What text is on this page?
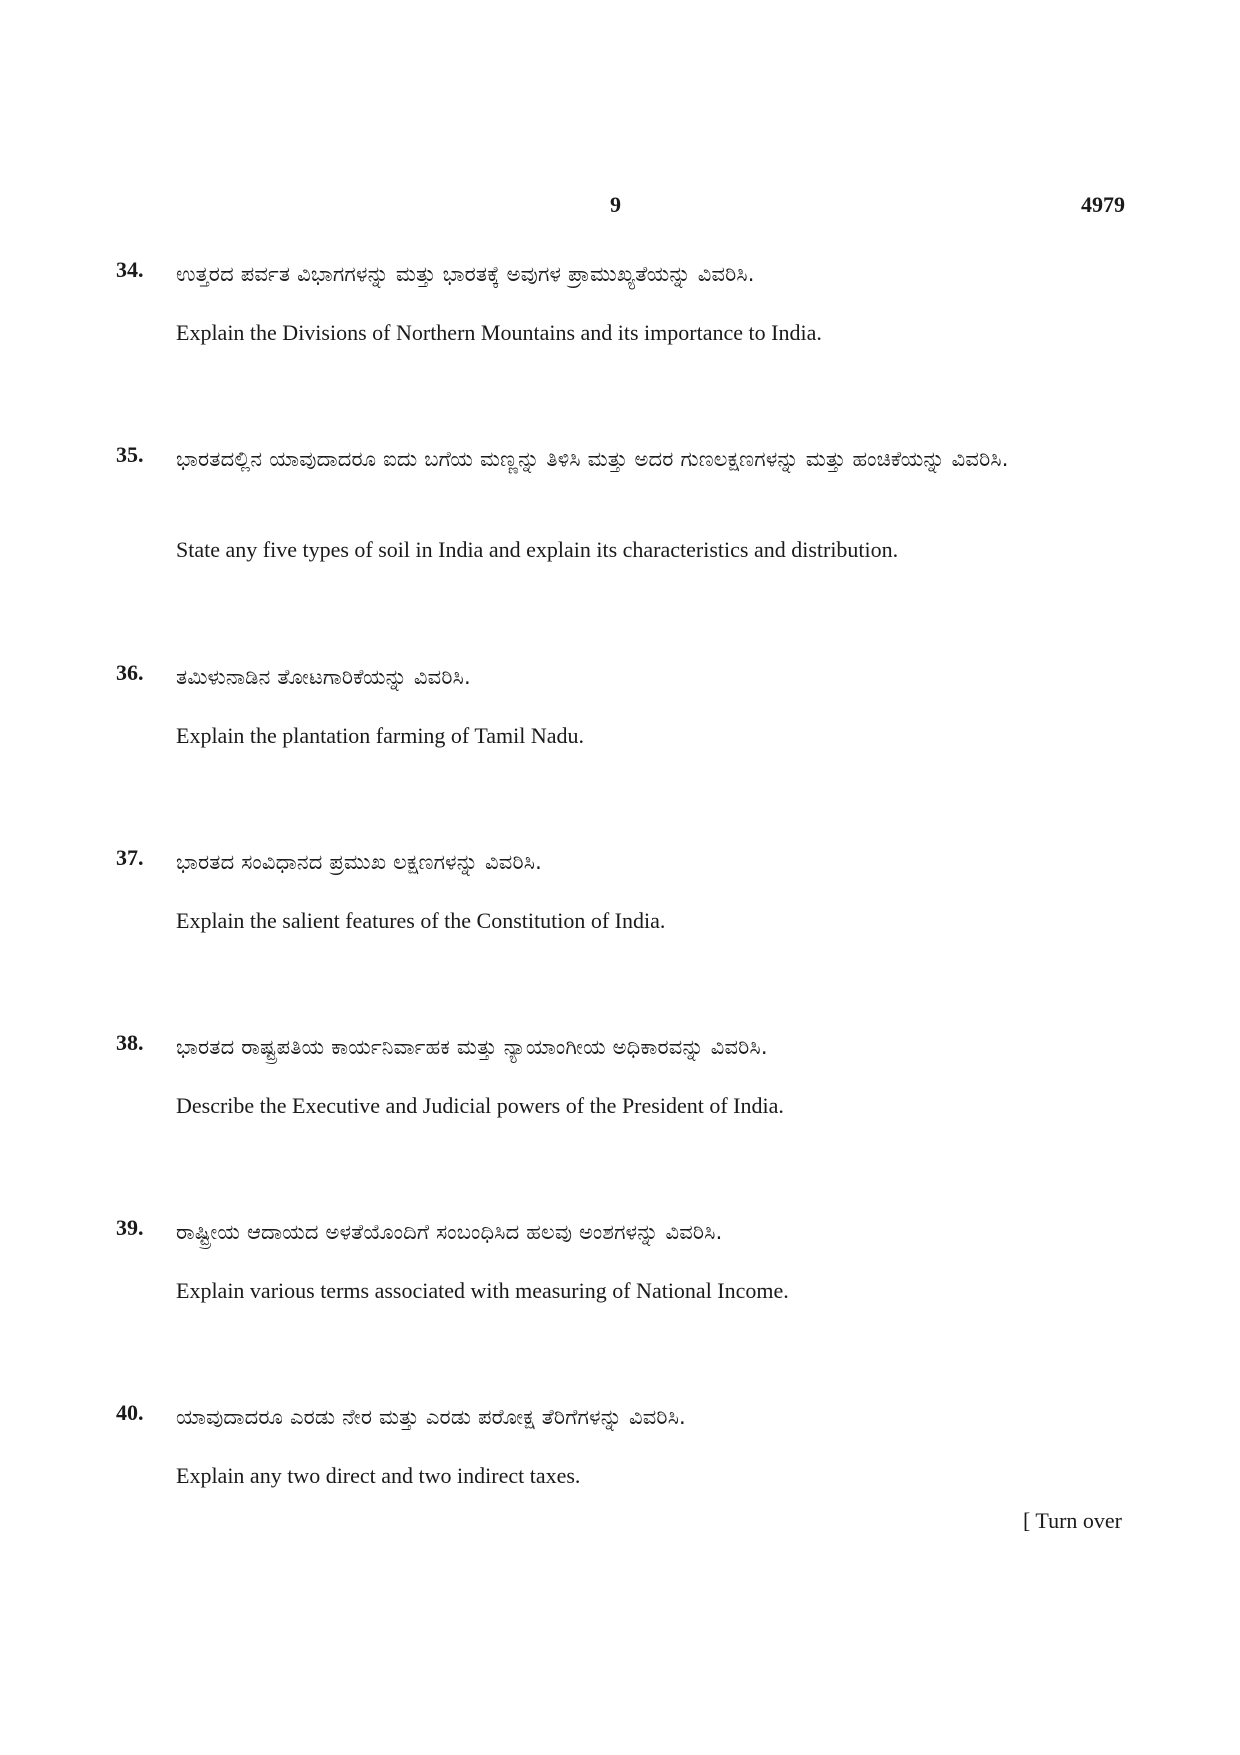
9	4979
34. ಉತ್ತರದ ಪರ್ವತ ವಿಭಾಗಗಳನ್ನು ಮತ್ತು ಭಾರತಕ್ಕೆ ಅವುಗಳ ಪ್ರಾಮುಖ್ಯತೆಯನ್ನು ವಿವರಿಸಿ.
Explain the Divisions of Northern Mountains and its importance to India.
35. ಭಾರತದಲ್ಲಿನ ಯಾವುದಾದರೂ ಐದು ಬಗೆಯ ಮಣ್ಣನ್ನು ತಿಳಿಸಿ ಮತ್ತು ಅದರ ಗುಣಲಕ್ಷಣಗಳನ್ನು ಮತ್ತು ಹಂಚಿಕೆಯನ್ನು ವಿವರಿಸಿ.
State any five types of soil in India and explain its characteristics and distribution.
36. ತಮಿಳುನಾಡಿನ ತೋಟಗಾರಿಕೆಯನ್ನು ವಿವರಿಸಿ.
Explain the plantation farming of Tamil Nadu.
37. ಭಾರತದ ಸಂವಿಧಾನದ ಪ್ರಮುಖ ಲಕ್ಷಣಗಳನ್ನು ವಿವರಿಸಿ.
Explain the salient features of the Constitution of India.
38. ಭಾರತದ ರಾಷ್ಟ್ರಪತಿಯ ಕಾರ್ಯನಿರ್ವಾಹಕ ಮತ್ತು ನ್ಯಾಯಾಂಗೀಯ ಅಧಿಕಾರವನ್ನು ವಿವರಿಸಿ.
Describe the Executive and Judicial powers of the President of India.
39. ರಾಷ್ಟ್ರೀಯ ಆದಾಯದ ಅಳತೆಯೊಂದಿಗೆ ಸಂಬಂಧಿಸಿದ ಹಲವು ಅಂಶಗಳನ್ನು ವಿವರಿಸಿ.
Explain various terms associated with measuring of National Income.
40. ಯಾವುದಾದರೂ ಎರಡು ನೇರ ಮತ್ತು ಎರಡು ಪರೋಕ್ಷ ತೆರಿಗೆಗಳನ್ನು ವಿವರಿಸಿ.
Explain any two direct and two indirect taxes.
[ Turn over
